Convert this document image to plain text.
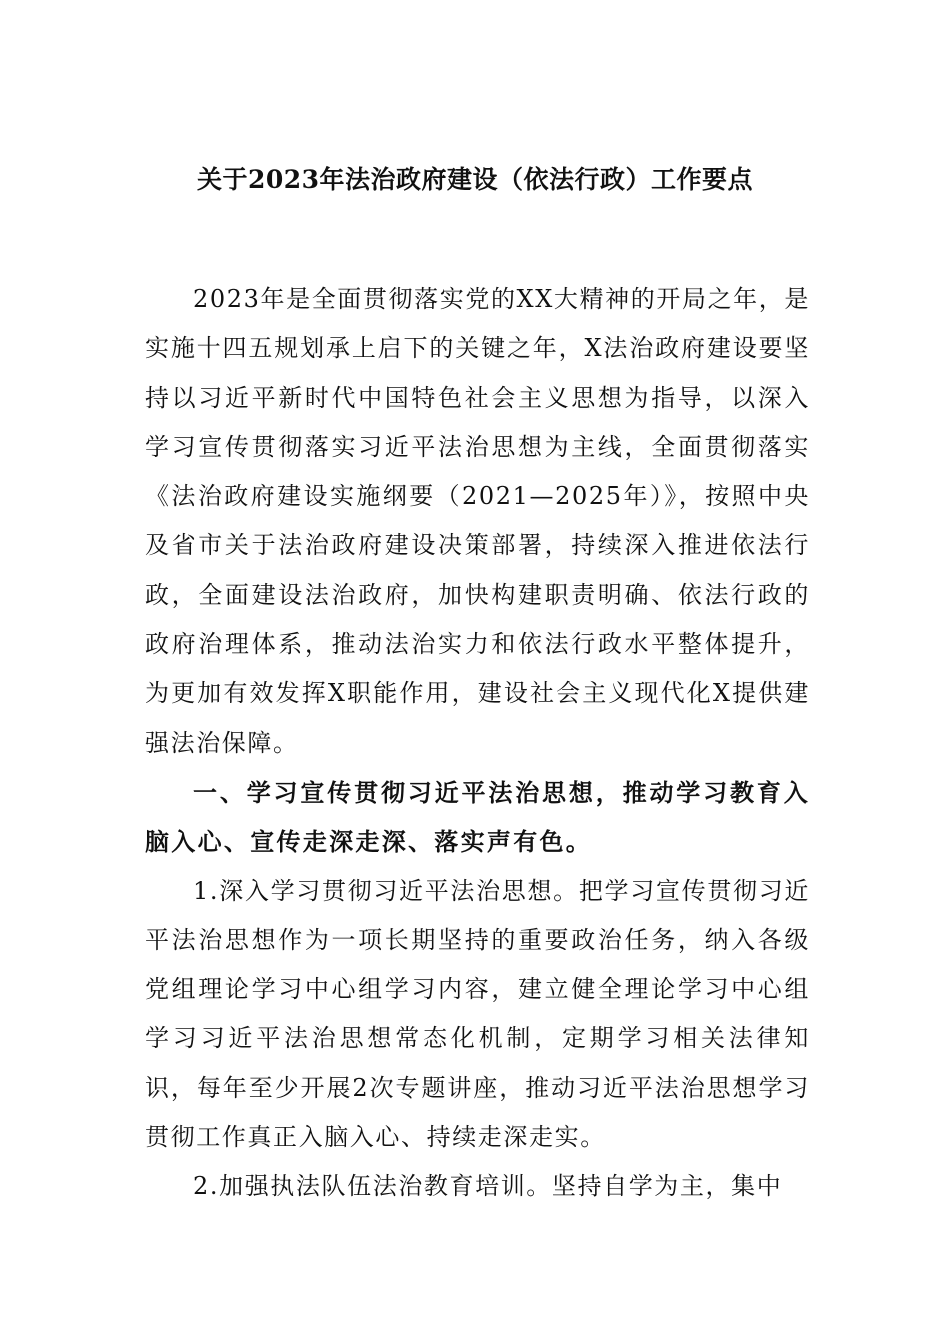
关于2023年法治政府建设（依法行政）工作要点

2023年是全面贯彻落实党的XX大精神的开局之年，是实施十四五规划承上启下的关键之年，X法治政府建设要坚持以习近平新时代中国特色社会主义思想为指导，以深入学习宣传贯彻落实习近平法治思想为主线，全面贯彻落实《法治政府建设实施纲要（2021—2025年）》，按照中央及省市关于法治政府建设决策部署，持续深入推进依法行政，全面建设法治政府，加快构建职责明确、依法行政的政府治理体系，推动法治实力和依法行政水平整体提升，为更加有效发挥X职能作用，建设社会主义现代化X提供建强法治保障。

一、学习宣传贯彻习近平法治思想，推动学习教育入脑入心、宣传走深走深、落实声有色。

1.深入学习贯彻习近平法治思想。把学习宣传贯彻习近平法治思想作为一项长期坚持的重要政治任务，纳入各级党组理论学习中心组学习内容，建立健全理论学习中心组学习习近平法治思想常态化机制，定期学习相关法律知识，每年至少开展2次专题讲座，推动习近平法治思想学习贯彻工作真正入脑入心、持续走深走实。

2.加强执法队伍法治教育培训。坚持自学为主，集中
